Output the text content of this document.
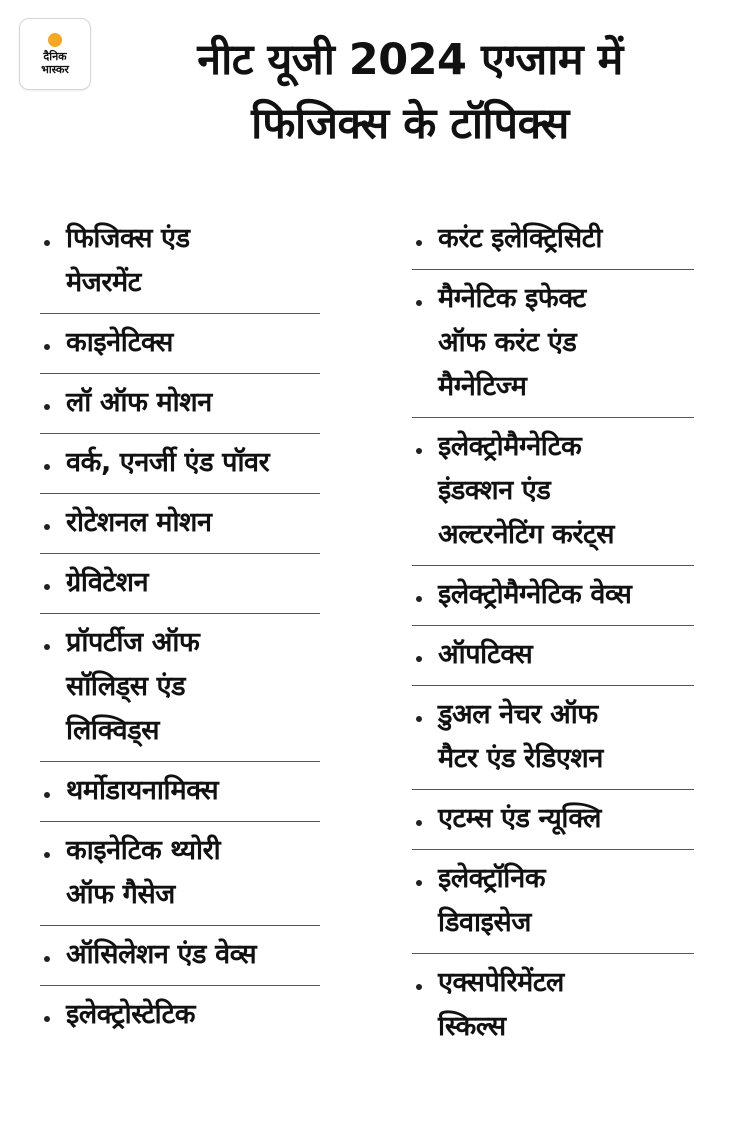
दैनिक
भास्कर	नीट यूजी 2024 एग्जाम में
फिजिक्स के टॉपिक्स
फिजिक्स एंड
मेजरमेंट
काइनेटिक्स
लॉ ऑफ मोशन
वर्क, एनर्जी एंड पॉवर
रोटेशनल मोशन
ग्रेविटेशन
प्रॉपर्टीज ऑफ
सॉलिड्स एंड
लिक्विड्स
थर्मोडायनामिक्स
काइनेटिक थ्योरी
ऑफ गैसेज
ऑसिलेशन एंड वेव्स
इलेक्ट्रोस्टेटिक
करंट इलेक्ट्रिसिटी
मैग्नेटिक इफेक्ट
ऑफ करंट एंड
मैग्नेटिज्म
इलेक्ट्रोमैग्नेटिक
इंडक्शन एंड
अल्टरनेटिंग करंट्स
इलेक्ट्रोमैग्नेटिक वेव्स
ऑपटिक्स
डुअल नेचर ऑफ
मैटर एंड रेडिएशन
एटम्स एंड न्यूक्लि
इलेक्ट्रॉनिक
डिवाइसेज
एक्सपेरिमेंटल
स्किल्स
